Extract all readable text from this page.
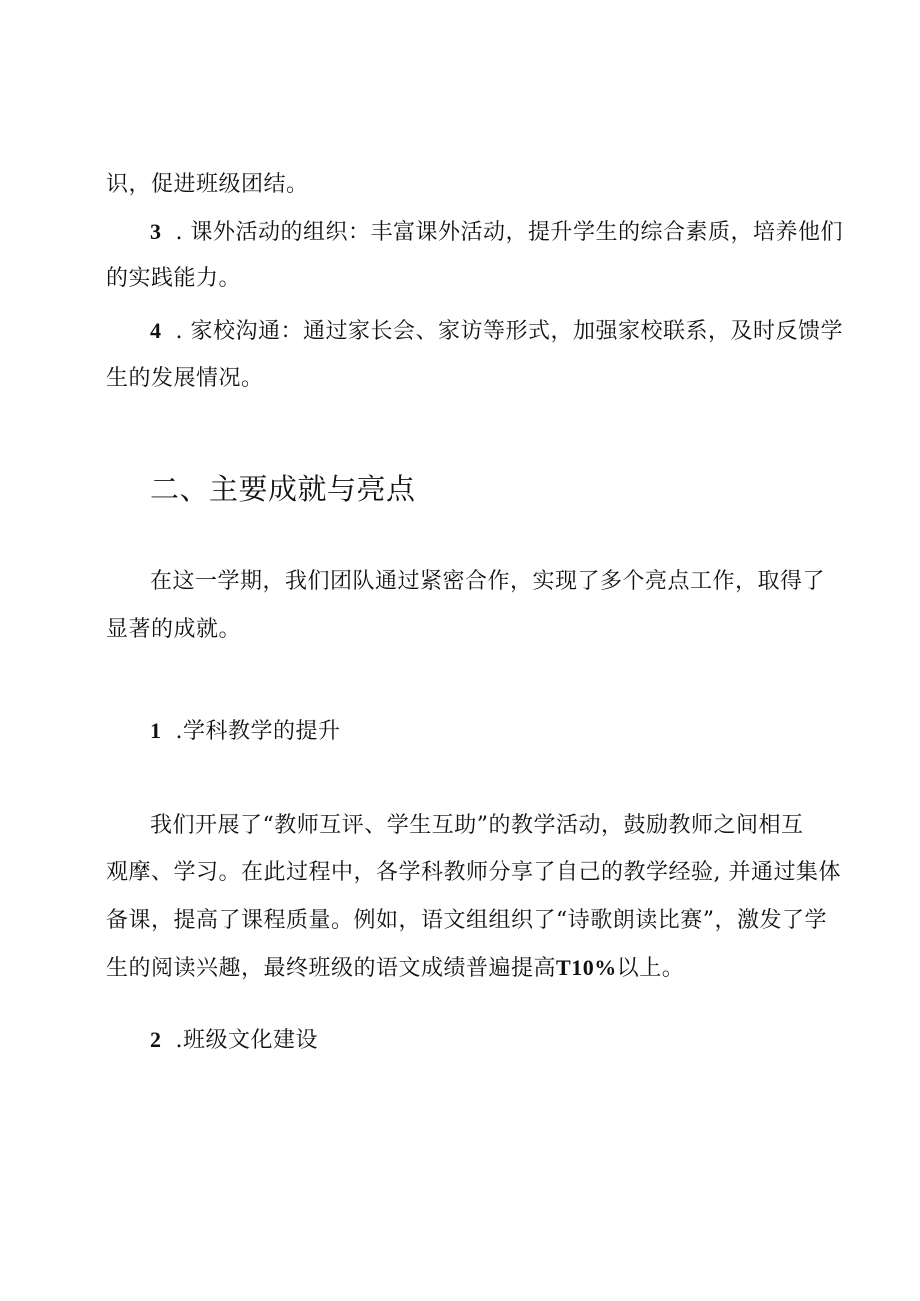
识，促进班级团结。
3 . 课外活动的组织：丰富课外活动，提升学生的综合素质，培养他们
的实践能力。
4 . 家校沟通：通过家长会、家访等形式，加强家校联系，及时反馈学
生的发展情况。
二、主要成就与亮点
在这一学期，我们团队通过紧密合作，实现了多个亮点工作，取得了
显著的成就。
1 .学科教学的提升
我们开展了“教师互评、学生互助”的教学活动，鼓励教师之间相互
观摩、学习。在此过程中，各学科教师分享了自己的教学经验, 并通过集体
备课，提高了课程质量。例如，语文组组织了“诗歌朗读比赛”，激发了学
生的阅读兴趣，最终班级的语文成绩普遍提高T10%以上。
2 .班级文化建设
